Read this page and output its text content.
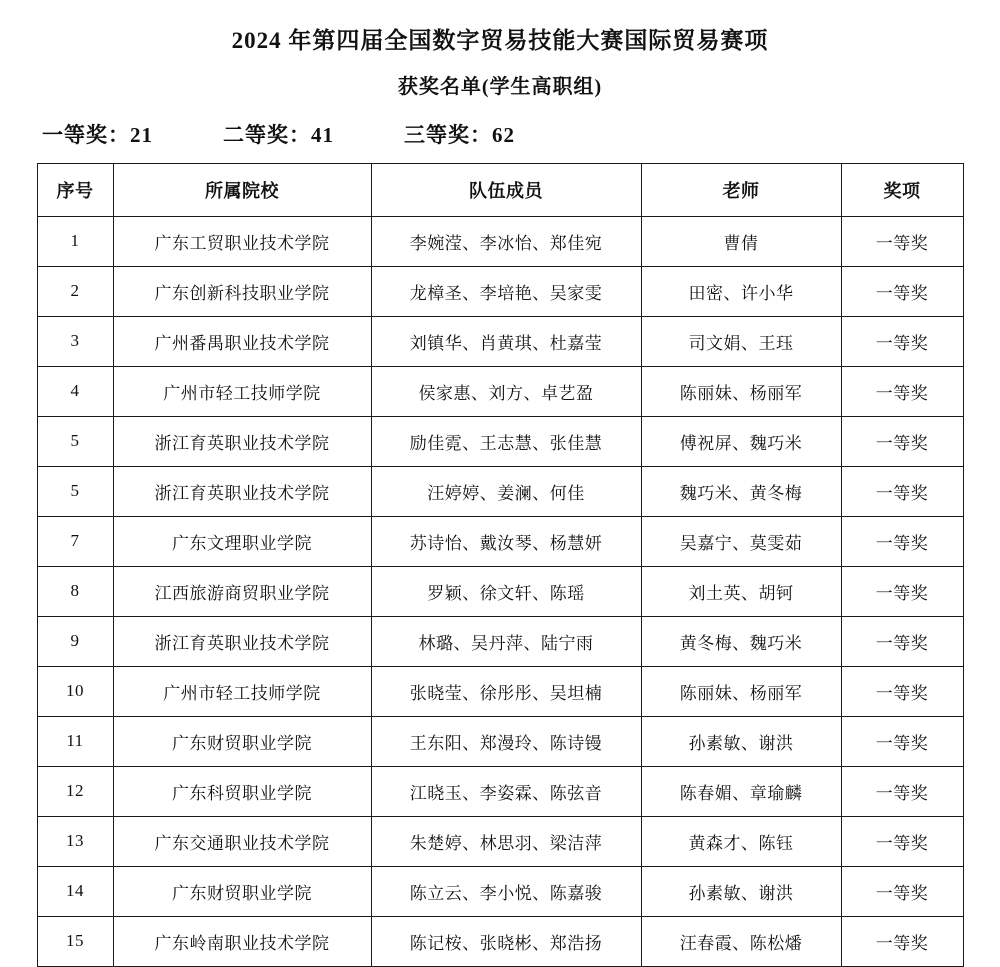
2024 年第四届全国数字贸易技能大赛国际贸易赛项
获奖名单(学生高职组)
一等奖：21	二等奖：41	三等奖：62
序号	所属院校	队伍成员	老师	奖项
1	广东工贸职业技术学院	李婉滢、李冰怡、郑佳宛	曹倩	一等奖
2	广东创新科技职业学院	龙樟圣、李培艳、吴家雯	田密、许小华	一等奖
3	广州番禺职业技术学院	刘镇华、肖黄琪、杜嘉莹	司文娟、王珏	一等奖
4	广州市轻工技师学院	侯家惠、刘方、卓艺盈	陈丽妹、杨丽军	一等奖
5	浙江育英职业技术学院	励佳霓、王志慧、张佳慧	傅祝屏、魏巧米	一等奖
5	浙江育英职业技术学院	汪婷婷、姜澜、何佳	魏巧米、黄冬梅	一等奖
7	广东文理职业学院	苏诗怡、戴汝琴、杨慧妍	吴嘉宁、莫雯茹	一等奖
8	江西旅游商贸职业学院	罗颖、徐文轩、陈瑶	刘土英、胡钶	一等奖
9	浙江育英职业技术学院	林璐、吴丹萍、陆宁雨	黄冬梅、魏巧米	一等奖
10	广州市轻工技师学院	张晓莹、徐彤彤、吴坦楠	陈丽妹、杨丽军	一等奖
11	广东财贸职业学院	王东阳、郑漫玲、陈诗镘	孙素敏、谢洪	一等奖
12	广东科贸职业学院	江晓玉、李姿霖、陈弦音	陈春媚、章瑜麟	一等奖
13	广东交通职业技术学院	朱楚婷、林思羽、梁洁萍	黄森才、陈钰	一等奖
14	广东财贸职业学院	陈立云、李小悦、陈嘉骏	孙素敏、谢洪	一等奖
15	广东岭南职业技术学院	陈记桉、张晓彬、郑浩扬	汪春霞、陈松燔	一等奖
